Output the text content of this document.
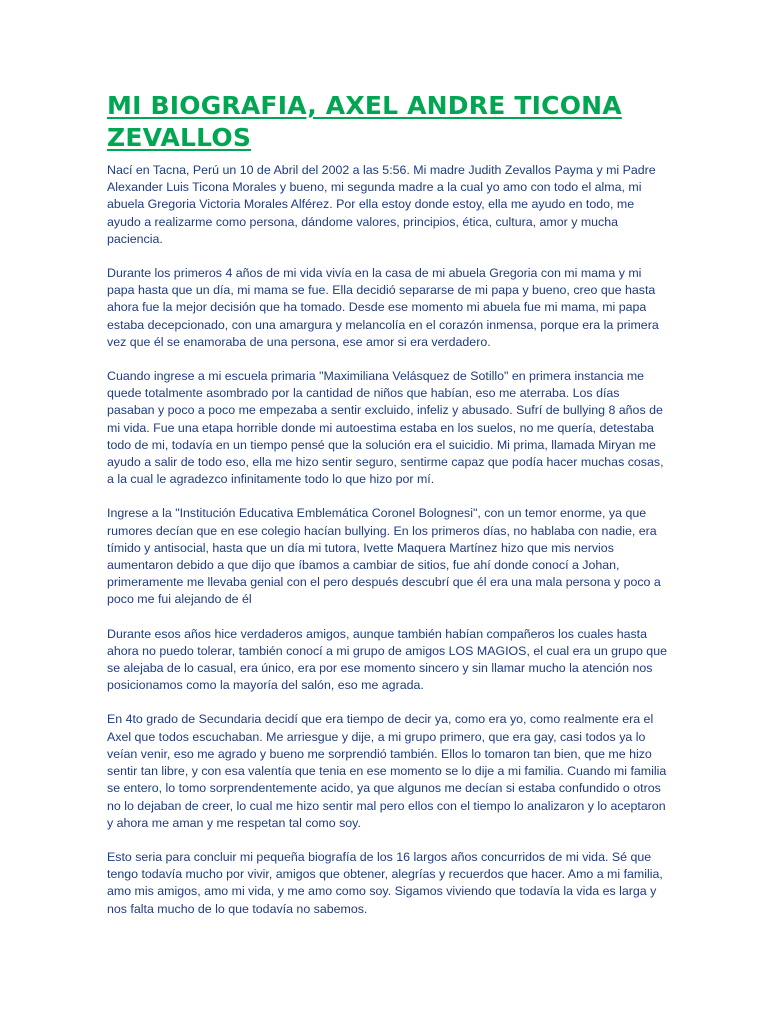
MI BIOGRAFIA, AXEL ANDRE TICONA ZEVALLOS

Nací en Tacna, Perú un 10 de Abril del 2002 a las 5:56. Mi madre Judith Zevallos Payma y mi Padre Alexander Luis Ticona Morales y bueno, mi segunda madre a la cual yo amo con todo el alma, mi abuela Gregoria Victoria Morales Alférez. Por ella estoy donde estoy, ella me ayudo en todo, me ayudo a realizarme como persona, dándome valores, principios, ética, cultura, amor y mucha paciencia.

Durante los primeros 4 años de mi vida vivía en la casa de mi abuela Gregoria con mi mama y mi papa hasta que un día, mi mama se fue. Ella decidió separarse de mi papa y bueno, creo que hasta ahora fue la mejor decisión que ha tomado. Desde ese momento mi abuela fue mi mama, mi papa estaba decepcionado, con una amargura y melancolía en el corazón inmensa, porque era la primera vez que él se enamoraba de una persona, ese amor si era verdadero.

Cuando ingrese a mi escuela primaria "Maximiliana Velásquez de Sotillo" en primera instancia me quede totalmente asombrado por la cantidad de niños que habían, eso me aterraba. Los días pasaban y poco a poco me empezaba a sentir excluido, infeliz y abusado. Sufrí de bullying 8 años de mi vida. Fue una etapa horrible donde mi autoestima estaba en los suelos, no me quería, detestaba todo de mi, todavía en un tiempo pensé que la solución era el suicidio. Mi prima, llamada Miryan me ayudo a salir de todo eso, ella me hizo sentir seguro, sentirme capaz que podía hacer muchas cosas, a la cual le agradezco infinitamente todo lo que hizo por mí.

Ingrese a la "Institución Educativa Emblemática Coronel Bolognesi", con un temor enorme, ya que rumores decían que en ese colegio hacían bullying. En los primeros días, no hablaba con nadie, era tímido y antisocial, hasta que un día mi tutora, Ivette Maquera Martínez hizo que mis nervios aumentaron debido a que dijo que íbamos a cambiar de sitios, fue ahí donde conocí a Johan, primeramente me llevaba genial con el pero después descubrí que él era una mala persona y poco a poco me fui alejando de él

Durante esos años hice verdaderos amigos, aunque también habían compañeros los cuales hasta ahora no puedo tolerar, también conocí a mi grupo de amigos LOS MAGIOS, el cual era un grupo que se alejaba de lo casual, era único, era por ese momento sincero y sin llamar mucho la atención nos posicionamos como la mayoría del salón, eso me agrada.

En 4to grado de Secundaria decidí que era tiempo de decir ya, como era yo, como realmente era el Axel que todos escuchaban. Me arriesgue y dije, a mi grupo primero, que era gay, casi todos ya lo veían venir, eso me agrado y bueno me sorprendió también. Ellos lo tomaron tan bien, que me hizo sentir tan libre, y con esa valentía que tenia en ese momento se lo dije a mi familia. Cuando mi familia se entero, lo tomo sorprendentemente acido, ya que algunos me decían si estaba confundido o otros no lo dejaban de creer, lo cual me hizo sentir mal pero ellos con el tiempo lo analizaron y lo aceptaron y ahora me aman y me respetan tal como soy.

Esto seria para concluir mi pequeña biografía de los 16 largos años concurridos de mi vida. Sé que tengo todavía mucho por vivir, amigos que obtener, alegrías y recuerdos que hacer. Amo a mi familia, amo mis amigos, amo mi vida, y me amo como soy. Sigamos viviendo que todavía la vida es larga y nos falta mucho de lo que todavía no sabemos.
